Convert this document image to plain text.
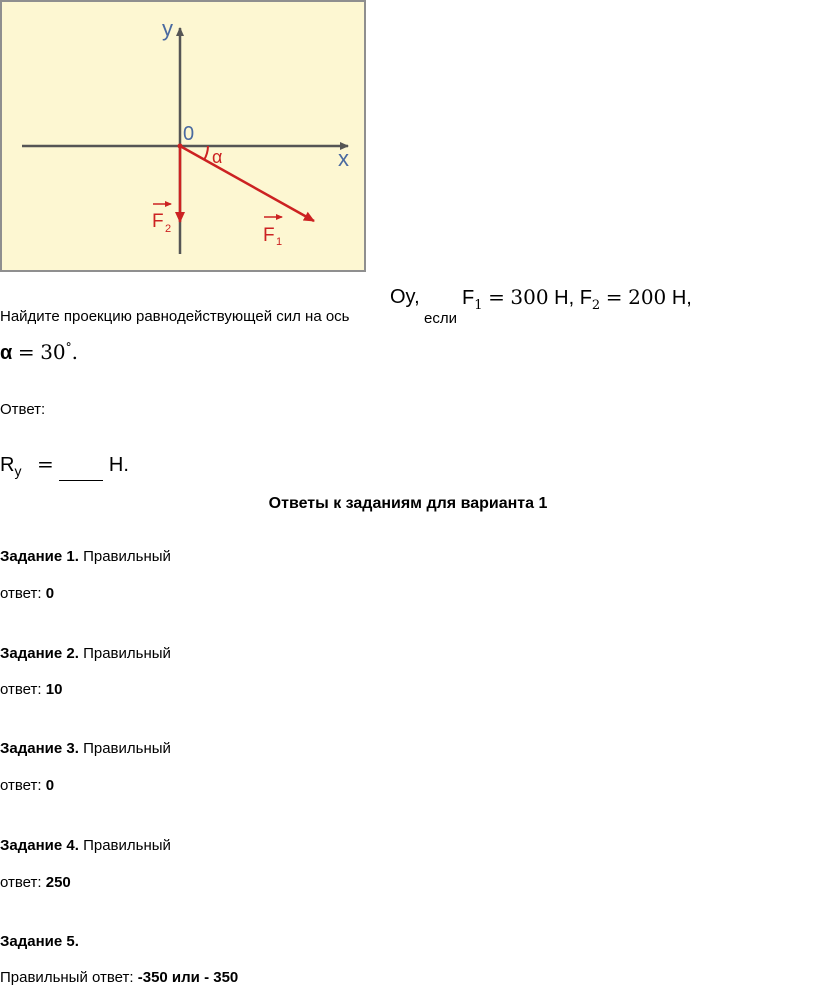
y
x
0
α
F 2	F 1
Найдите проекцию равнодействующей сил на ось
Oy,
если
$F_1 = 300$ Н, $F_2 = 200$ Н,
α = 30°.
Ответ:
$R_y$ =	Н.
Ответы к заданиям для варианта 1
Задание 1. Правильный
ответ: 0
Задание 2. Правильный
ответ: 10
Задание 3. Правильный
ответ: 0
Задание 4. Правильный
ответ: 250
Задание 5.
Правильный ответ: -350 или - 350
